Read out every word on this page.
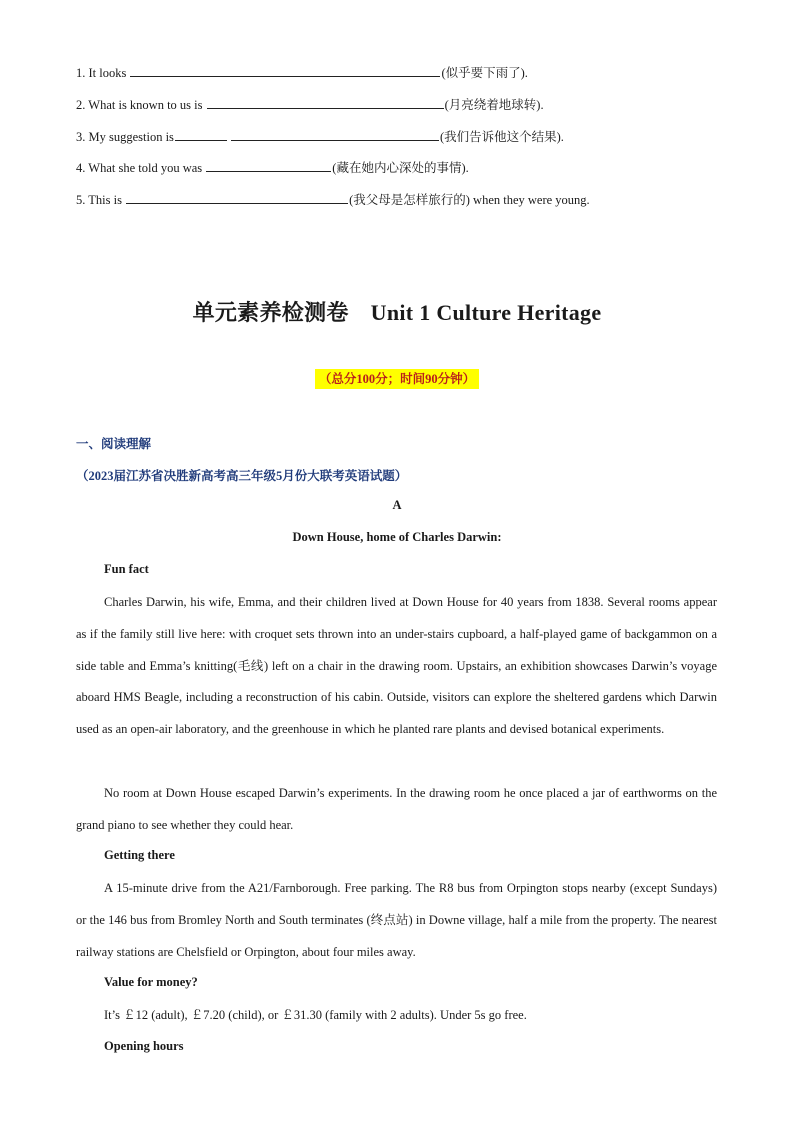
1. It looks	(似乎要下雨了).
2. What is known to us is	(月亮绕着地球转).
3. My suggestion is	(我们告诉他这个结果).
4. What she told you was	(藏在她内心深处的事情).
5. This is	(我父母是怎样旅行的) when they were young.
单元素养检测卷 Unit 1 Culture Heritage
（总分100分；时间90分钟）
一、阅读理解
（2023届江苏省决胜新高考高三年级5月份大联考英语试题）
A
Down House, home of Charles Darwin:
Fun fact
Charles Darwin, his wife, Emma, and their children lived at Down House for 40 years from 1838. Several rooms appear as if the family still live here: with croquet sets thrown into an under-stairs cupboard, a half-played game of backgammon on a side table and Emma’s knitting(毛线) left on a chair in the drawing room. Upstairs, an exhibition showcases Darwin’s voyage aboard HMS Beagle, including a reconstruction of his cabin. Outside, visitors can explore the sheltered gardens which Darwin used as an open-air laboratory, and the greenhouse in which he planted rare plants and devised botanical experiments.
No room at Down House escaped Darwin’s experiments. In the drawing room he once placed a jar of earthworms on the grand piano to see whether they could hear.
Getting there
A 15-minute drive from the A21/Farnborough. Free parking. The R8 bus from Orpington stops nearby (except Sundays) or the 146 bus from Bromley North and South terminates (终点站) in Downe village, half a mile from the property. The nearest railway stations are Chelsfield or Orpington, about four miles away.
Value for money?
It’s ￡12 (adult), ￡7.20 (child), or ￡31.30 (family with 2 adults). Under 5s go free.
Opening hours
